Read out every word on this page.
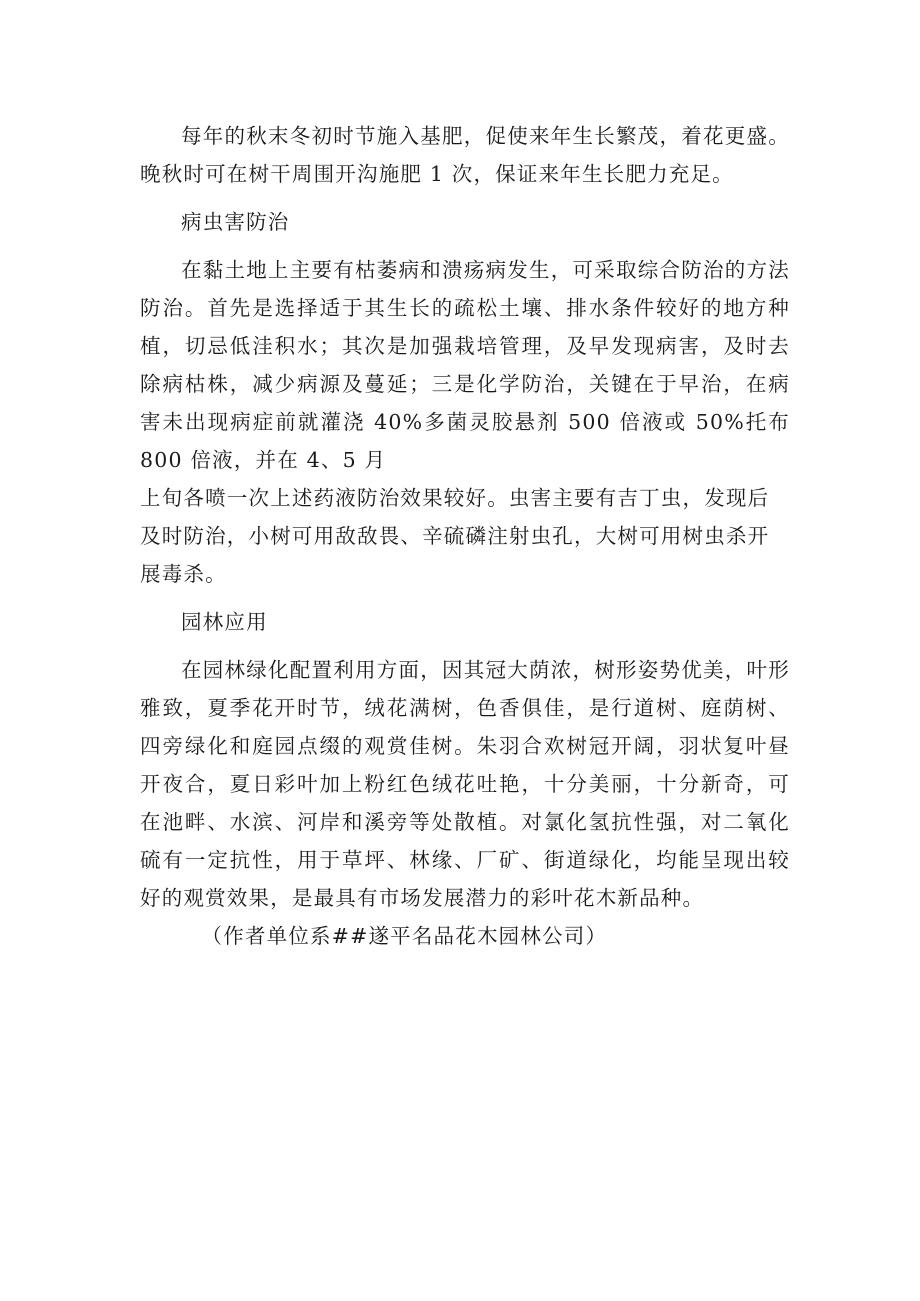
每年的秋末冬初时节施入基肥，促使来年生长繁茂，着花更盛。晚秋时可在树干周围开沟施肥 1 次，保证来年生长肥力充足。

病虫害防治

在黏土地上主要有枯萎病和溃疡病发生，可采取综合防治的方法防治。首先是选择适于其生长的疏松土壤、排水条件较好的地方种植，切忌低洼积水；其次是加强栽培管理，及早发现病害，及时去除病枯株，减少病源及蔓延；三是化学防治，关键在于早治，在病害未出现病症前就灌浇 40%多菌灵胶悬剂 500 倍液或 50%托布 800 倍液，并在 4、5 月

上旬各喷一次上述药液防治效果较好。虫害主要有吉丁虫，发现后及时防治，小树可用敌敌畏、辛硫磷注射虫孔，大树可用树虫杀开展毒杀。

园林应用

在园林绿化配置利用方面，因其冠大荫浓，树形姿势优美，叶形雅致，夏季花开时节，绒花满树，色香俱佳，是行道树、庭荫树、四旁绿化和庭园点缀的观赏佳树。朱羽合欢树冠开阔，羽状复叶昼开夜合，夏日彩叶加上粉红色绒花吐艳，十分美丽，十分新奇，可在池畔、水滨、河岸和溪旁等处散植。对氯化氢抗性强，对二氧化硫有一定抗性，用于草坪、林缘、厂矿、街道绿化，均能呈现出较好的观赏效果，是最具有市场发展潜力的彩叶花木新品种。

（作者单位系##遂平名品花木园林公司）
